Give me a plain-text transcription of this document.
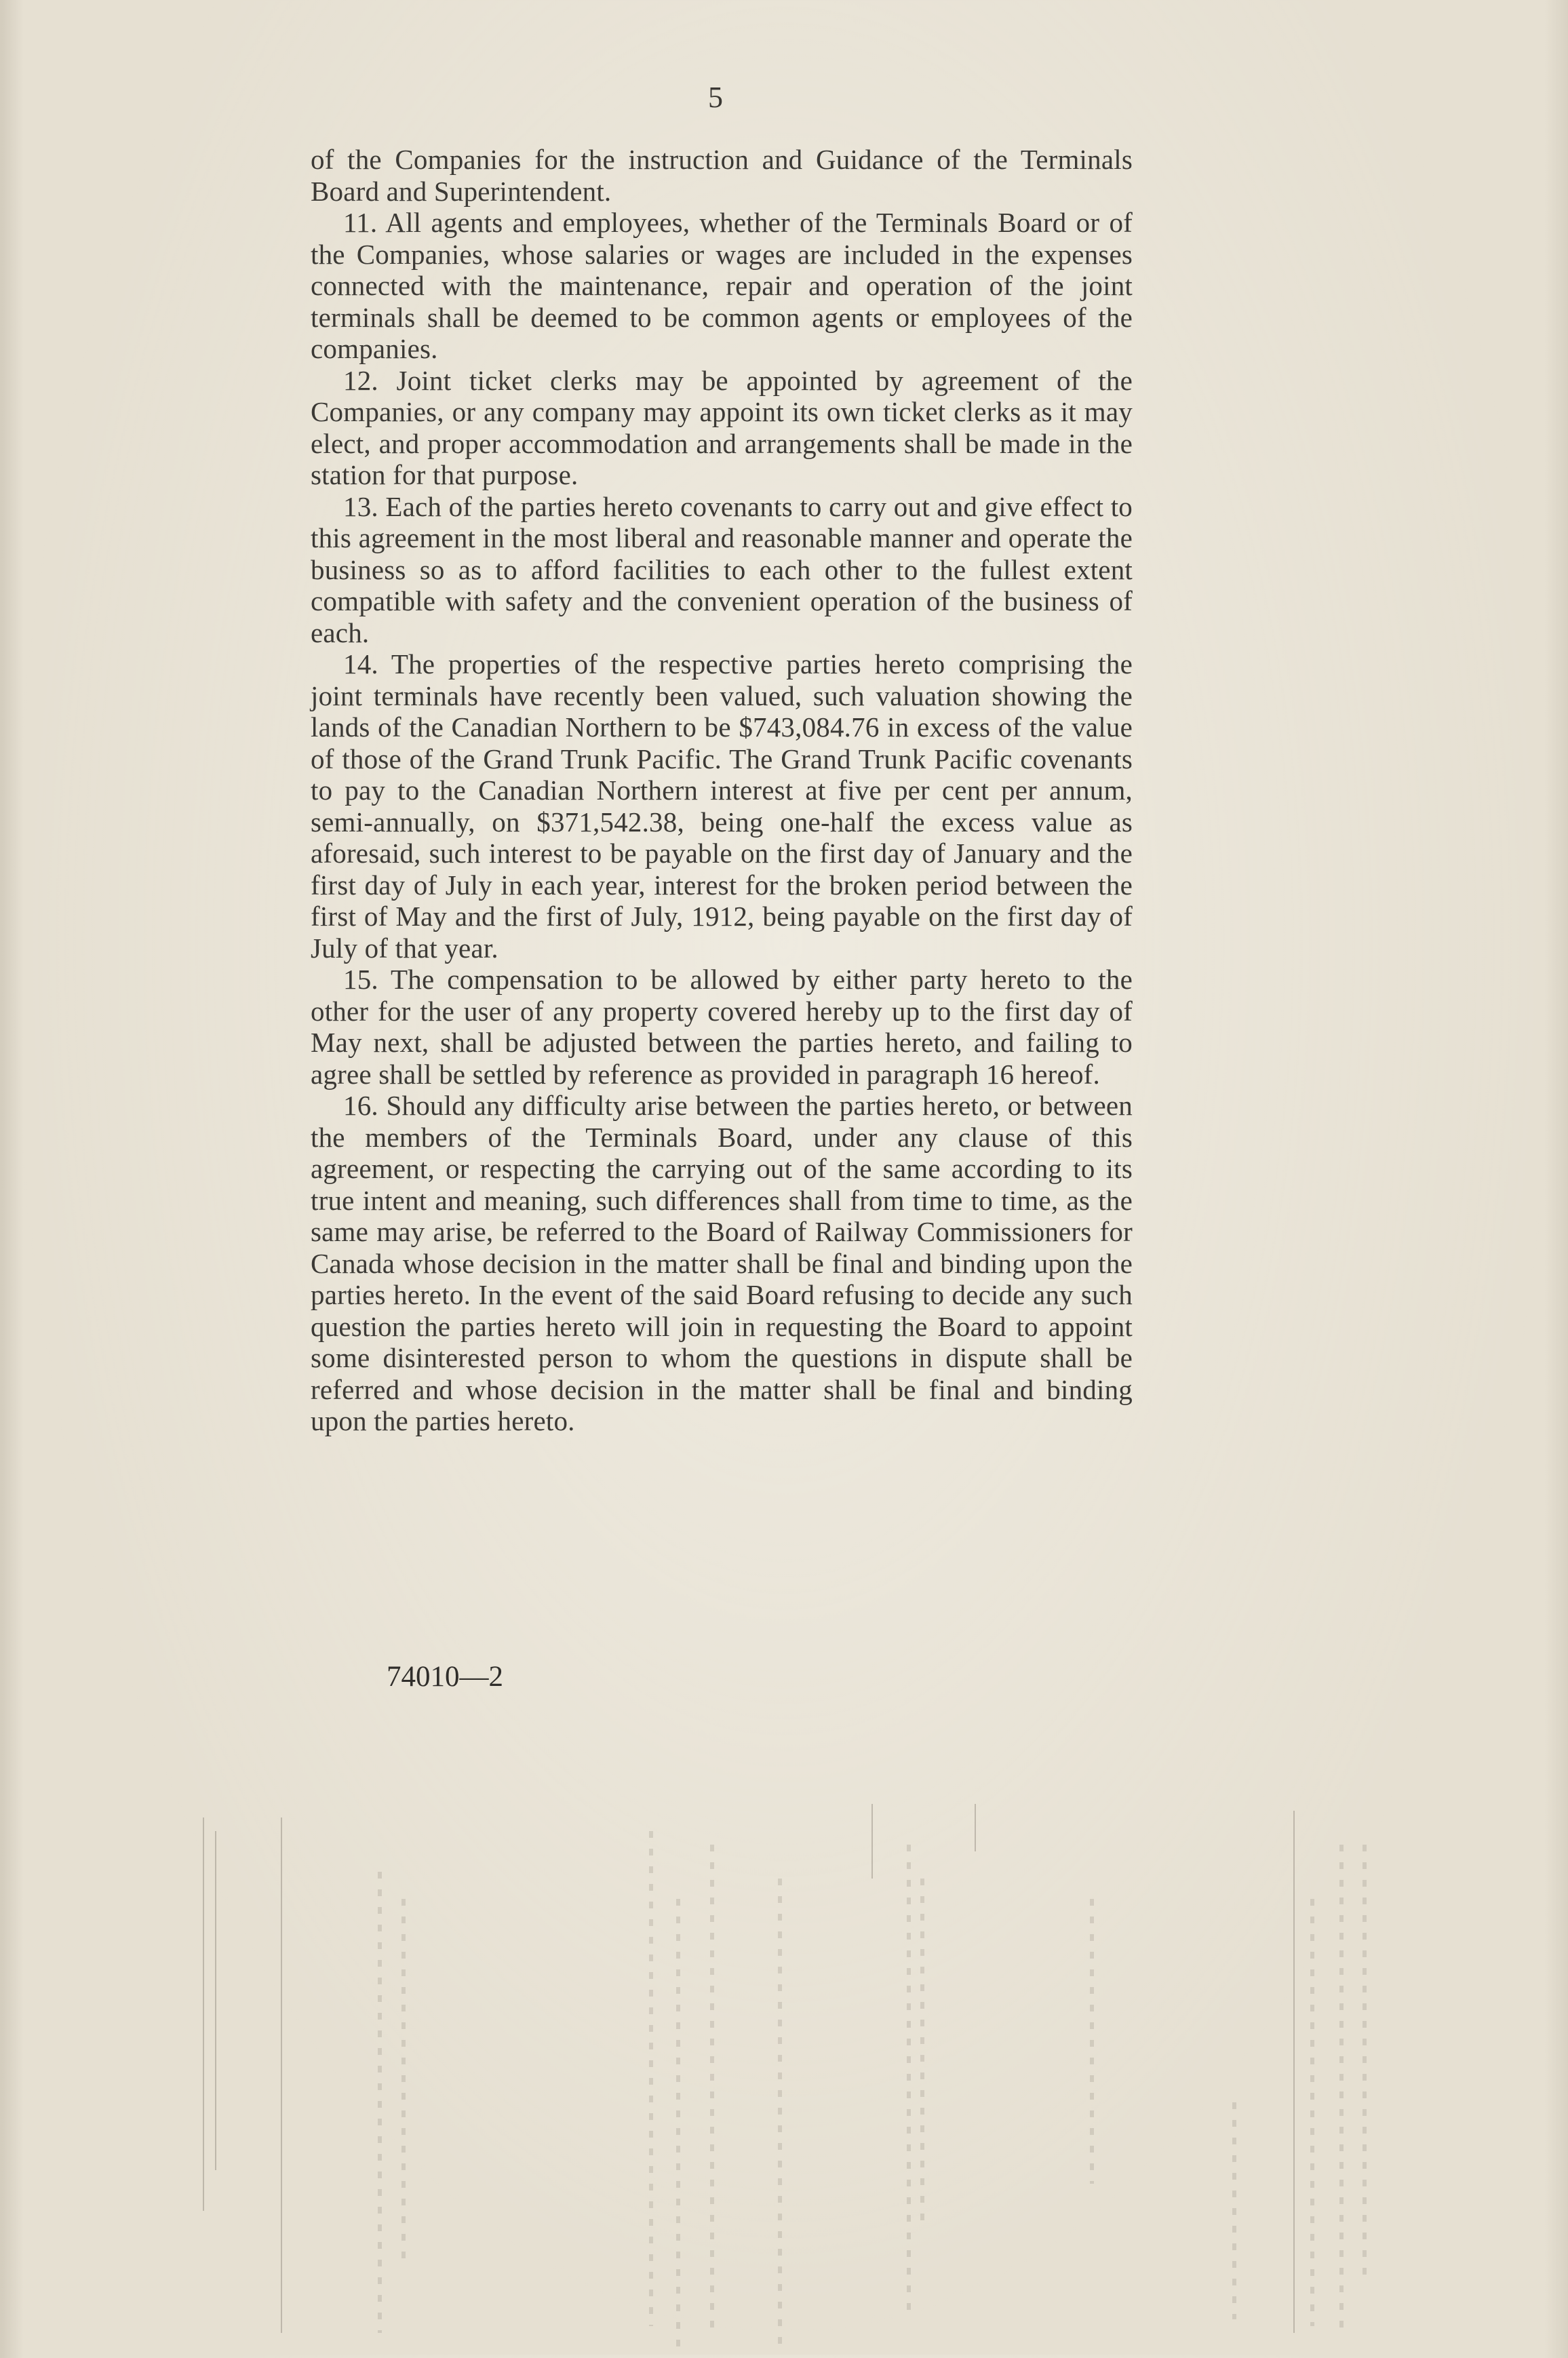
5

of the Companies for the instruction and Guidance of the Terminals Board and Superintendent.

11. All agents and employees, whether of the Terminals Board or of the Companies, whose salaries or wages are included in the expenses connected with the maintenance, repair and operation of the joint terminals shall be deemed to be common agents or employees of the companies.

12. Joint ticket clerks may be appointed by agreement of the Companies, or any company may appoint its own ticket clerks as it may elect, and proper accommodation and arrangements shall be made in the station for that purpose.

13. Each of the parties hereto covenants to carry out and give effect to this agreement in the most liberal and reasonable manner and operate the business so as to afford facilities to each other to the fullest extent compatible with safety and the convenient operation of the business of each.

14. The properties of the respective parties hereto comprising the joint terminals have recently been valued, such valuation showing the lands of the Canadian Northern to be $743,084.76 in excess of the value of those of the Grand Trunk Pacific. The Grand Trunk Pacific covenants to pay to the Canadian Northern interest at five per cent per annum, semi-annually, on $371,542.38, being one-half the excess value as aforesaid, such interest to be payable on the first day of January and the first day of July in each year, interest for the broken period between the first of May and the first of July, 1912, being payable on the first day of July of that year.

15. The compensation to be allowed by either party hereto to the other for the user of any property covered hereby up to the first day of May next, shall be adjusted between the parties hereto, and failing to agree shall be settled by reference as provided in paragraph 16 hereof.

16. Should any difficulty arise between the parties hereto, or between the members of the Terminals Board, under any clause of this agreement, or respecting the carrying out of the same according to its true intent and meaning, such differences shall from time to time, as the same may arise, be referred to the Board of Railway Commissioners for Canada whose decision in the matter shall be final and binding upon the parties hereto. In the event of the said Board refusing to decide any such question the parties hereto will join in requesting the Board to appoint some disinterested person to whom the questions in dispute shall be referred and whose decision in the matter shall be final and binding upon the parties hereto.

74010—2
